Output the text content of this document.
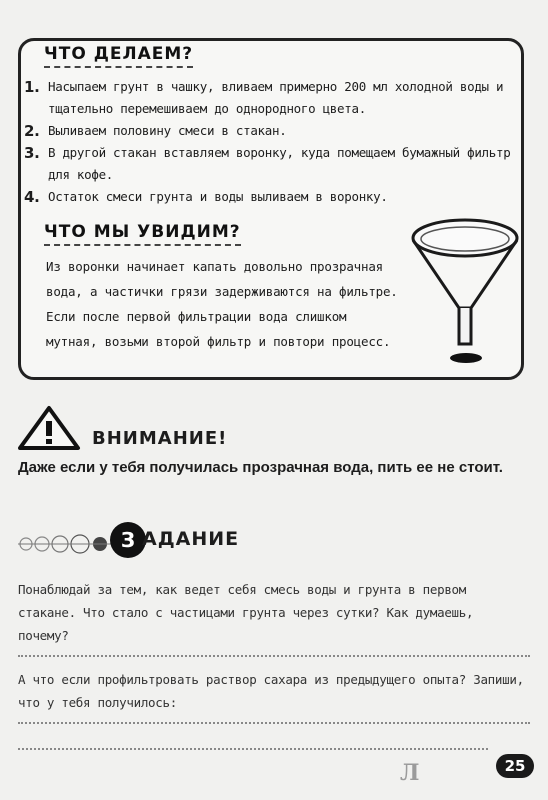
ЧТО ДЕЛАЕМ?
1. Насыпаем грунт в чашку, вливаем примерно 200 мл холодной воды и тщательно перемешиваем до однородного цвета.
2. Выливаем половину смеси в стакан.
3. В другой стакан вставляем воронку, куда помещаем бумажный фильтр для кофе.
4. Остаток смеси грунта и воды выливаем в воронку.
ЧТО МЫ УВИДИМ?
Из воронки начинает капать довольно прозрачная вода, а частички грязи задерживаются на фильтре. Если после первой фильтрации вода слишком мутная, возьми второй фильтр и повтори процесс.
ВНИМАНИЕ!
Даже если у тебя получилась прозрачная вода, пить ее не стоит.
З АДАНИЕ
Понаблюдай за тем, как ведет себя смесь воды и грунта в первом стакане. Что стало с частицами грунта через сутки? Как думаешь, почему?
А что если профильтровать раствор сахара из предыдущего опыта? Запиши, что у тебя получилось:
Л	25
